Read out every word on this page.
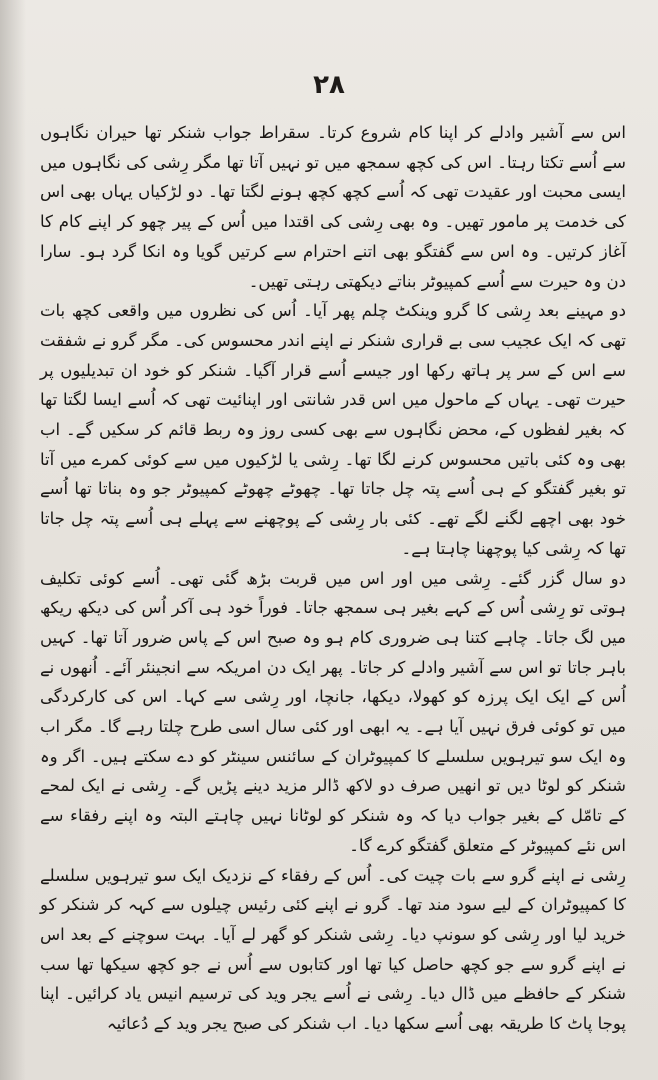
۲۸

اس سے آشیر وادلے کر اپنا کام شروع کرتا۔ سقراط جواب شنکر تھا حیران نگاہوں سے اُسے تکتا رہتا۔ اس کی کچھ سمجھ میں تو نہیں آتا تھا مگر رِشی کی نگاہوں میں ایسی محبت اور عقیدت تھی کہ اُسے کچھ کچھ ہونے لگتا تھا۔ دو لڑکیاں یہاں بھی اس کی خدمت پر مامور تھیں۔ وہ بھی رِشی کی اقتدا میں اُس کے پیر چھو کر اپنے کام کا آغاز کرتیں۔ وہ اس سے گفتگو بھی اتنے احترام سے کرتیں گویا وہ انکا گرد ہو۔ سارا دن وہ حیرت سے اُسے کمپیوٹر بناتے دیکھتی رہتی تھیں۔

دو مہینے بعد رِشی کا گرو وینکٹ چلم پھر آیا۔ اُس کی نظروں میں واقعی کچھ بات تھی کہ ایک عجیب سی بے قراری شنکر نے اپنے اندر محسوس کی۔ مگر گرو نے شفقت سے اس کے سر پر ہاتھ رکھا اور جیسے اُسے قرار آگیا۔ شنکر کو خود ان تبدیلیوں پر حیرت تھی۔ یہاں کے ماحول میں اس قدر شانتی اور اپنائیت تھی کہ اُسے ایسا لگتا تھا کہ بغیر لفظوں کے، محض نگاہوں سے بھی کسی روز وہ ربط قائم کر سکیں گے۔ اب بھی وہ کئی باتیں محسوس کرنے لگا تھا۔ رِشی یا لڑکیوں میں سے کوئی کمرے میں آتا تو بغیر گفتگو کے ہی اُسے پتہ چل جاتا تھا۔ چھوٹے چھوٹے کمپیوٹر جو وہ بناتا تھا اُسے خود بھی اچھے لگنے لگے تھے۔ کئی بار رِشی کے پوچھنے سے پہلے ہی اُسے پتہ چل جاتا تھا کہ رِشی کیا پوچھنا چاہتا ہے۔

دو سال گزر گئے۔ رِشی میں اور اس میں قربت بڑھ گئی تھی۔ اُسے کوئی تکلیف ہوتی تو رِشی اُس کے کہے بغیر ہی سمجھ جاتا۔ فوراً خود ہی آکر اُس کی دیکھ ریکھ میں لگ جاتا۔ چاہے کتنا ہی ضروری کام ہو وہ صبح اس کے پاس ضرور آتا تھا۔ کہیں باہر جاتا تو اس سے آشیر وادلے کر جاتا۔ پھر ایک دن امریکہ سے انجینئر آئے۔ اُنھوں نے اُس کے ایک ایک پرزہ کو کھولا، دیکھا، جانچا، اور رِشی سے کہا۔ اس کی کارکردگی میں تو کوئی فرق نہیں آیا ہے۔ یہ ابھی اور کئی سال اسی طرح چلتا رہے گا۔ مگر اب وہ ایک سو تیرہویں سلسلے کا کمپیوٹران کے سائنس سینٹر کو دے سکتے ہیں۔ اگر وہ شنکر کو لوٹا دیں تو انھیں صرف دو لاکھ ڈالر مزید دینے پڑیں گے۔ رِشی نے ایک لمحے کے تامّل کے بغیر جواب دیا کہ وہ شنکر کو لوٹانا نہیں چاہتے البتہ وہ اپنے رفقاء سے اس نئے کمپیوٹر کے متعلق گفتگو کرے گا۔

رِشی نے اپنے گرو سے بات چیت کی۔ اُس کے رفقاء کے نزدیک ایک سو تیرہویں سلسلے کا کمپیوٹران کے لیے سود مند تھا۔ گرو نے اپنے کئی رئیس چیلوں سے کہہ کر شنکر کو خرید لیا اور رِشی کو سونپ دیا۔ رِشی شنکر کو گھر لے آیا۔ بہت سوچنے کے بعد اس نے اپنے گرو سے جو کچھ حاصل کیا تھا اور کتابوں سے اُس نے جو کچھ سیکھا تھا سب شنکر کے حافظے میں ڈال دیا۔ رِشی نے اُسے یجر وید کی ترسیم انیس یاد کرائیں۔ اپنا پوجا پاٹ کا طریقہ بھی اُسے سکھا دیا۔ اب شنکر کی صبح یجر وید کے دُعائیہ
